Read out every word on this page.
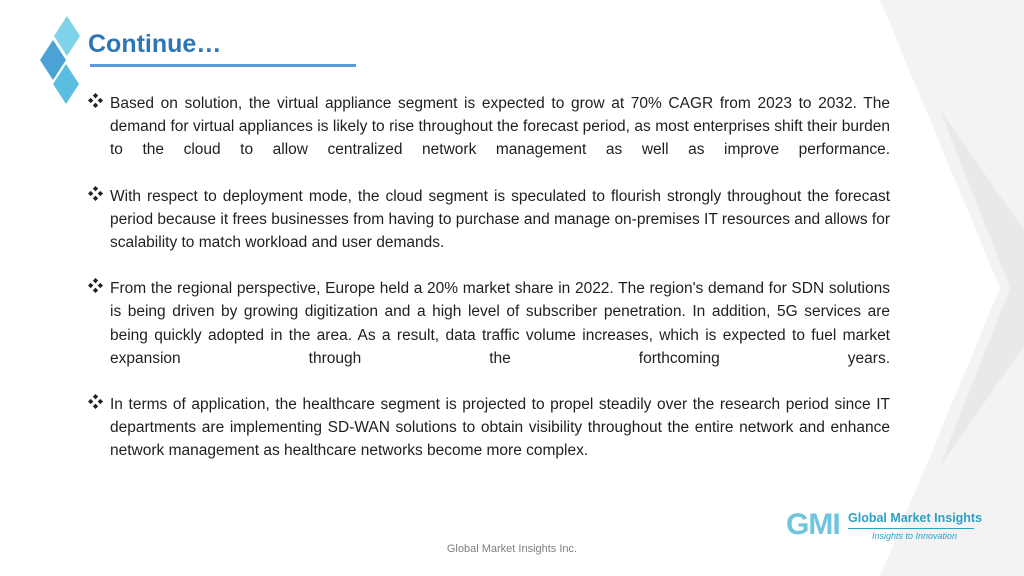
Continue…

Based on solution, the virtual appliance segment is expected to grow at 70% CAGR from 2023 to 2032. The demand for virtual appliances is likely to rise throughout the forecast period, as most enterprises shift their burden to the cloud to allow centralized network management as well as improve performance.

With respect to deployment mode, the cloud segment is speculated to flourish strongly throughout the forecast period because it frees businesses from having to purchase and manage on-premises IT resources and allows for scalability to match workload and user demands.

From the regional perspective, Europe held a 20% market share in 2022. The region's demand for SDN solutions is being driven by growing digitization and a high level of subscriber penetration. In addition, 5G services are being quickly adopted in the area. As a result, data traffic volume increases, which is expected to fuel market expansion through the forthcoming years.

In terms of application, the healthcare segment is projected to propel steadily over the research period since IT departments are implementing SD-WAN solutions to obtain visibility throughout the entire network and enhance network management as healthcare networks become more complex.

GMI Global Market Insights
Insights to Innovation
Global Market Insights Inc.
